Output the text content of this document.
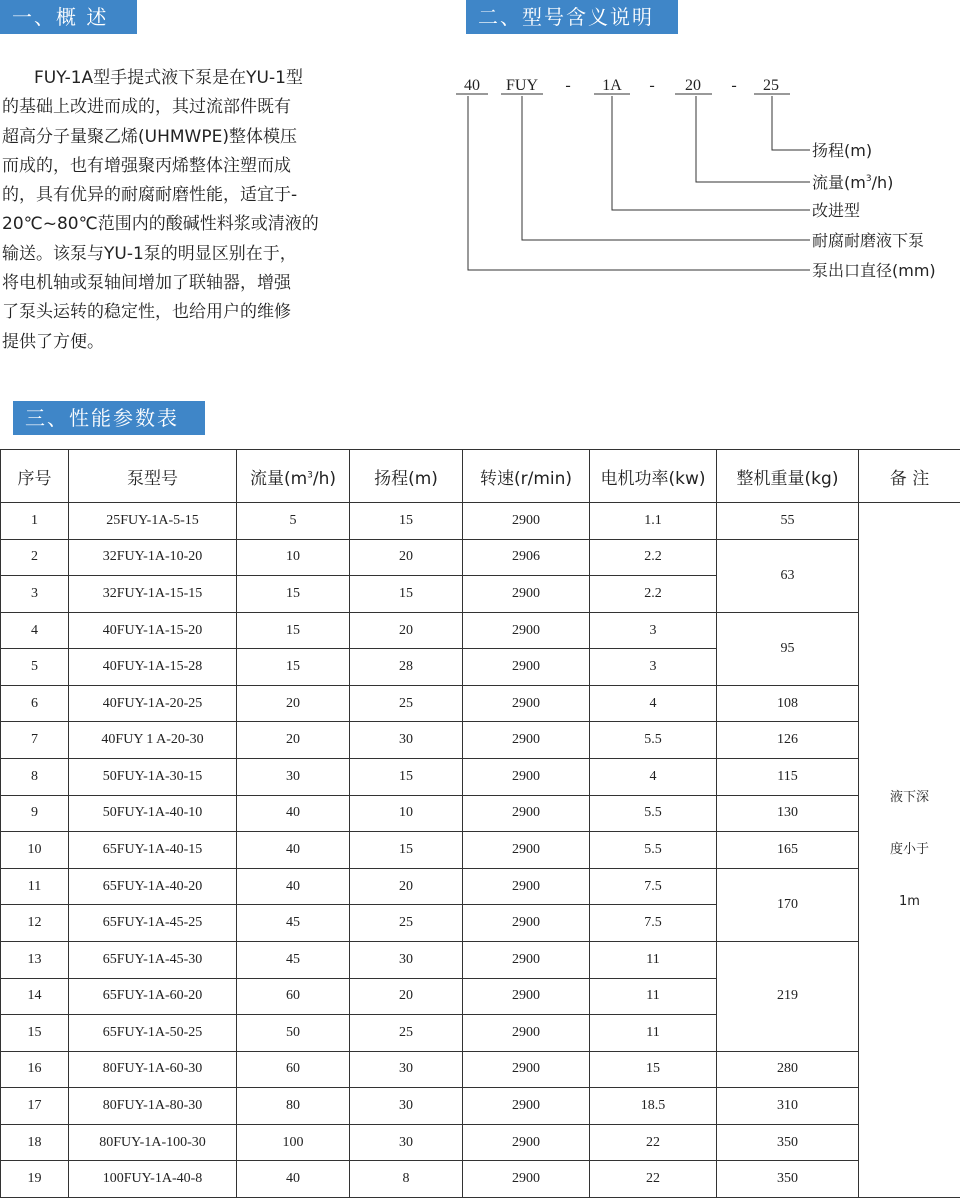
一、概 述	二、型号含义说明
三、性能参数表
FUY-1A型手提式液下泵是在YU-1型
的基础上改进而成的，其过流部件既有
超高分子量聚乙烯(UHMWPE)整体模压
而成的，也有增强聚丙烯整体注塑而成
的，具有优异的耐腐耐磨性能，适宜于-
20℃~80℃范围内的酸碱性料浆或清液的
输送。该泵与YU-1泵的明显区别在于，
将电机轴或泵轴间增加了联轴器，增强
了泵头运转的稳定性，也给用户的维修
提供了方便。
40 FUY - 1A - 20 - 25
扬程(m)
流量$(m^3/h)$
改进型
耐腐耐磨液下泵
泵出口直径(mm)
序号	泵型号	流量$(m^3/h)$	扬程(m)	转速(r/min)	电机功率(kw)	整机重量(kg)	备 注
1	25FUY-1A-5-15	5	15	2900	1.1	55	液下深
度小于
1m

2	32FUY-1A-10-20	10	20	2906	2.2	63	
3	32FUY-1A-15-15	15	15	2900	2.2		
4	40FUY-1A-15-20	15	20	2900	3	95	
5	40FUY-1A-15-28	15	28	2900	3		
6	40FUY-1A-20-25	20	25	2900	4	108	
7	40FUY 1 A-20-30	20	30	2900	5.5	126	
8	50FUY-1A-30-15	30	15	2900	4	115	
9	50FUY-1A-40-10	40	10	2900	5.5	130	
10	65FUY-1A-40-15	40	15	2900	5.5	165	
11	65FUY-1A-40-20	40	20	2900	7.5	170	
12	65FUY-1A-45-25	45	25	2900	7.5		
13	65FUY-1A-45-30	45	30	2900	11	219	
14	65FUY-1A-60-20	60	20	2900	11		
15	65FUY-1A-50-25	50	25	2900	11		
16	80FUY-1A-60-30	60	30	2900	15	280	
17	80FUY-1A-80-30	80	30	2900	18.5	310	
18	80FUY-1A-100-30	100	30	2900	22	350	
19	100FUY-1A-40-8	40	8	2900	22	350	
